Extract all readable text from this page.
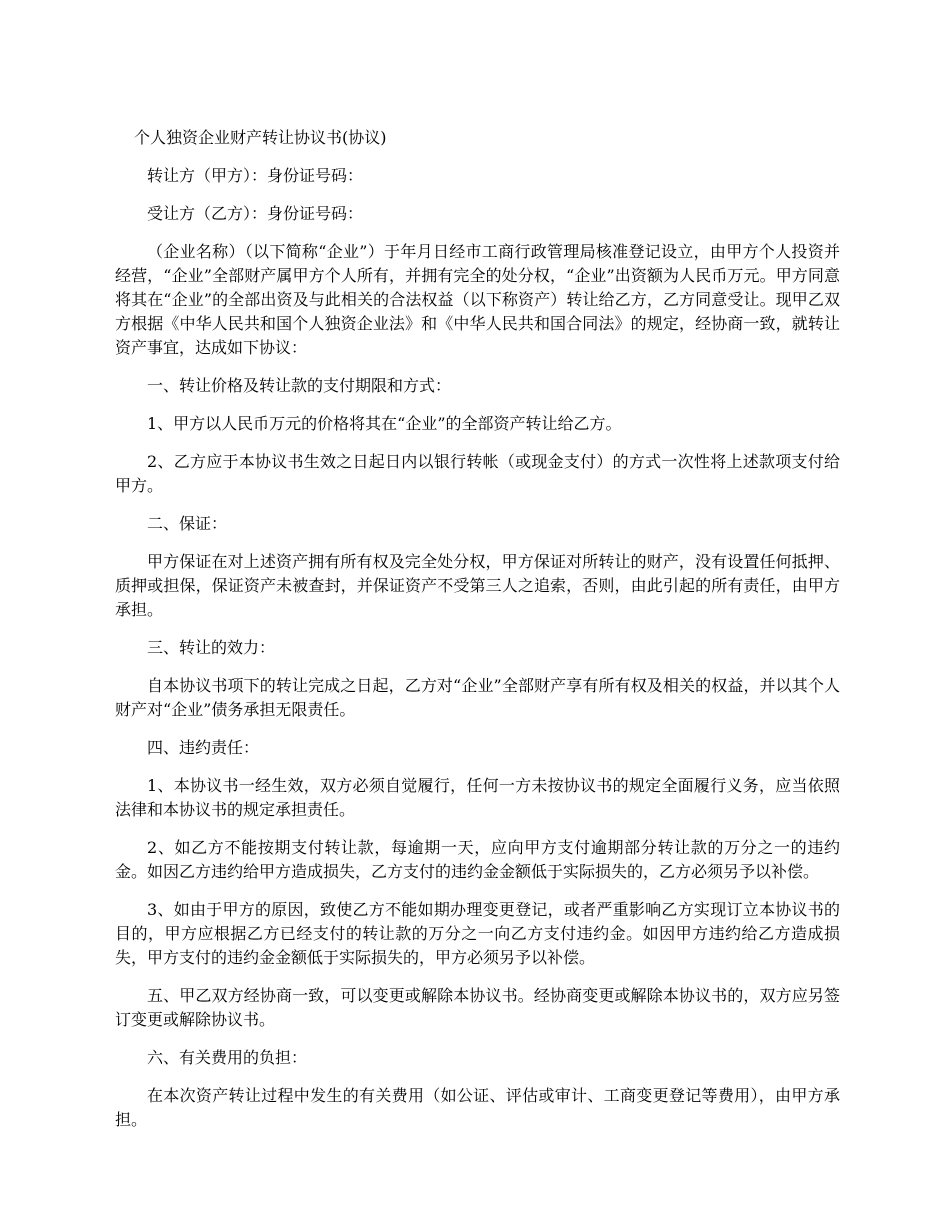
个人独资企业财产转让协议书(协议)

转让方（甲方）：身份证号码：

受让方（乙方）：身份证号码：

（企业名称）（以下简称“企业”）于年月日经市工商行政管理局核准登记设立，由甲方个人投资并经营，“企业”全部财产属甲方个人所有，并拥有完全的处分权，“企业”出资额为人民币万元。甲方同意将其在“企业”的全部出资及与此相关的合法权益（以下称资产）转让给乙方，乙方同意受让。现甲乙双方根据《中华人民共和国个人独资企业法》和《中华人民共和国合同法》的规定，经协商一致，就转让资产事宜，达成如下协议：

一、转让价格及转让款的支付期限和方式：

1、甲方以人民币万元的价格将其在“企业”的全部资产转让给乙方。

2、乙方应于本协议书生效之日起日内以银行转帐（或现金支付）的方式一次性将上述款项支付给甲方。

二、保证：

甲方保证在对上述资产拥有所有权及完全处分权，甲方保证对所转让的财产，没有设置任何抵押、质押或担保，保证资产未被查封，并保证资产不受第三人之追索，否则，由此引起的所有责任，由甲方承担。

三、转让的效力：

自本协议书项下的转让完成之日起，乙方对“企业”全部财产享有所有权及相关的权益，并以其个人财产对“企业”债务承担无限责任。

四、违约责任：

1、本协议书一经生效，双方必须自觉履行，任何一方未按协议书的规定全面履行义务，应当依照法律和本协议书的规定承担责任。

2、如乙方不能按期支付转让款，每逾期一天，应向甲方支付逾期部分转让款的万分之一的违约金。如因乙方违约给甲方造成损失，乙方支付的违约金金额低于实际损失的，乙方必须另予以补偿。

3、如由于甲方的原因，致使乙方不能如期办理变更登记，或者严重影响乙方实现订立本协议书的目的，甲方应根据乙方已经支付的转让款的万分之一向乙方支付违约金。如因甲方违约给乙方造成损失，甲方支付的违约金金额低于实际损失的，甲方必须另予以补偿。

五、甲乙双方经协商一致，可以变更或解除本协议书。经协商变更或解除本协议书的，双方应另签订变更或解除协议书。

六、有关费用的负担：

在本次资产转让过程中发生的有关费用（如公证、评估或审计、工商变更登记等费用），由甲方承担。
